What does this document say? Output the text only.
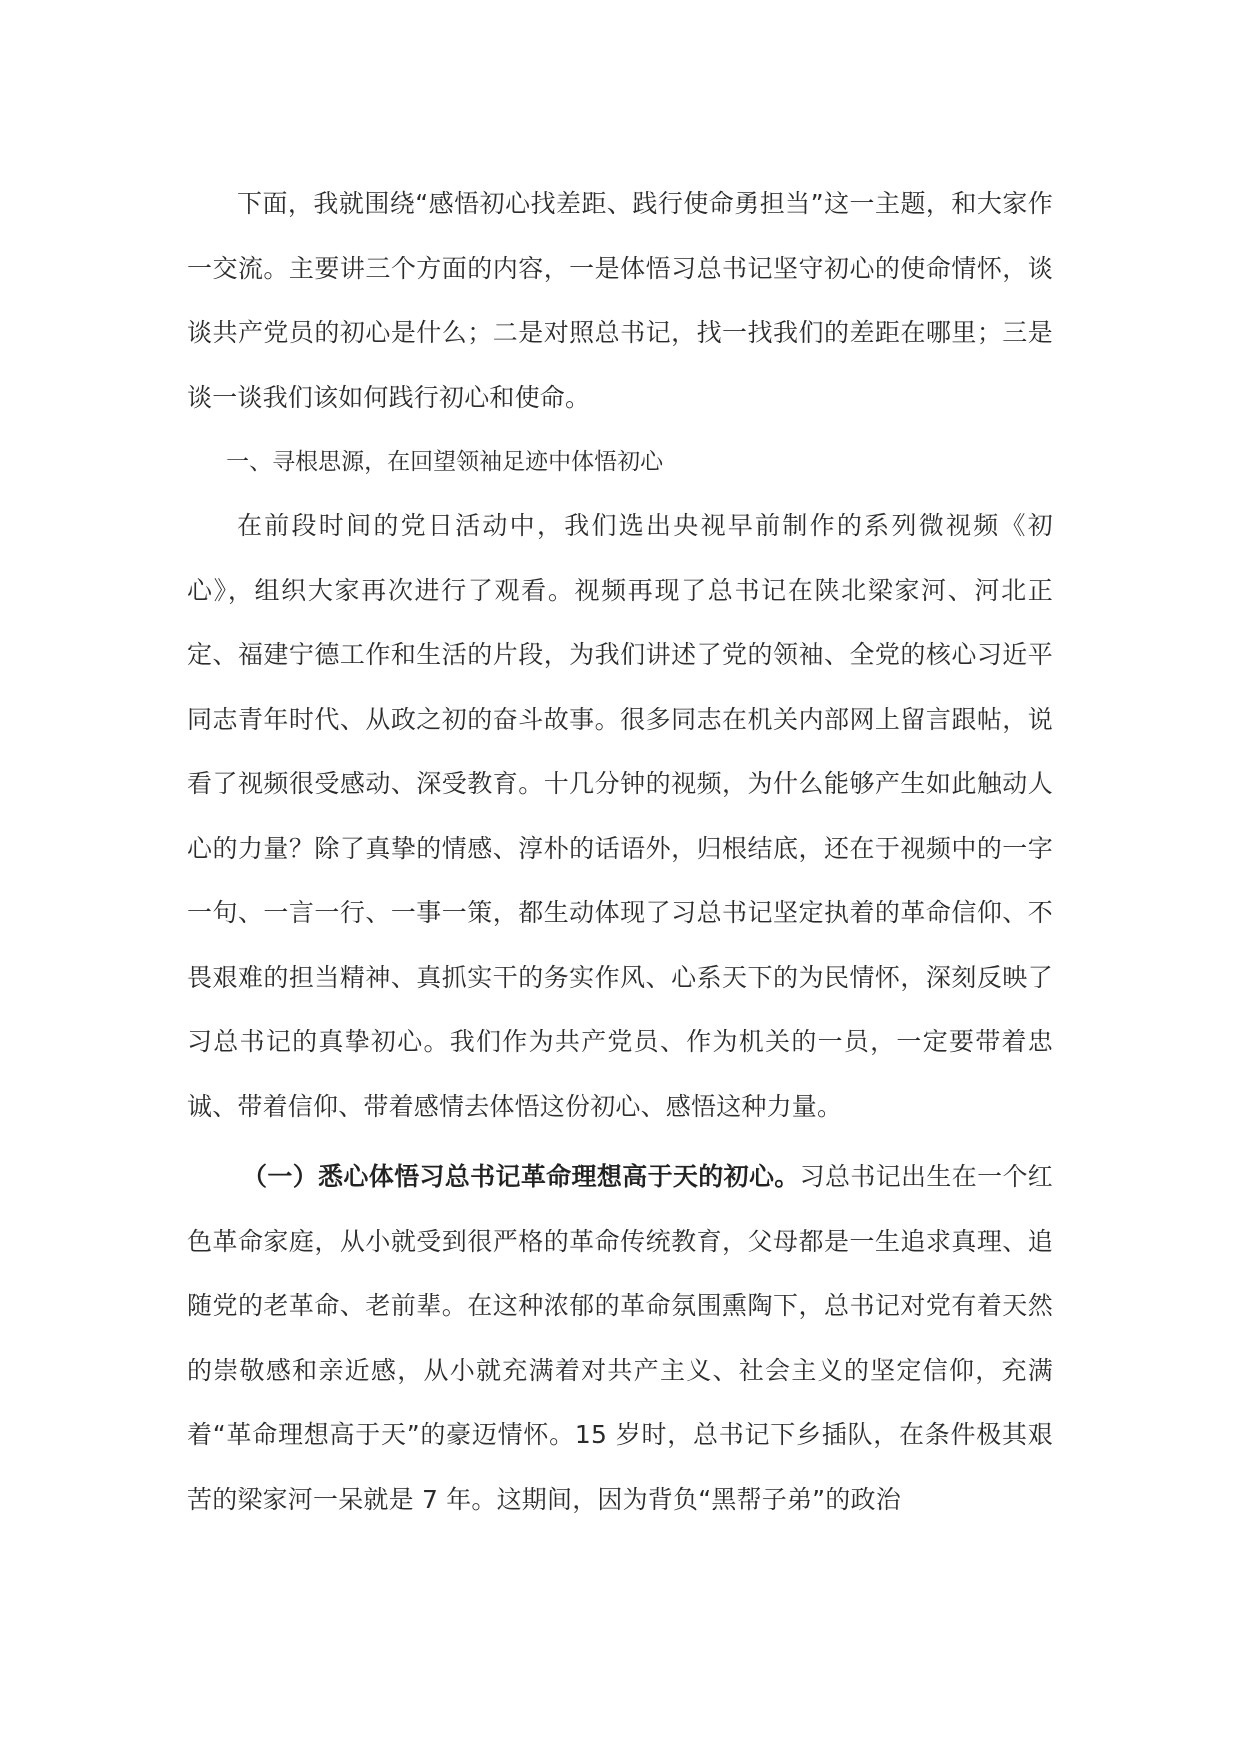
下面，我就围绕“感悟初心找差距、践行使命勇担当”这一主题，和大家作一交流。主要讲三个方面的内容，一是体悟习总书记坚守初心的使命情怀，谈谈共产党员的初心是什么；二是对照总书记，找一找我们的差距在哪里；三是谈一谈我们该如何践行初心和使命。

一、寻根思源，在回望领袖足迹中体悟初心

在前段时间的党日活动中，我们选出央视早前制作的系列微视频《初心》，组织大家再次进行了观看。视频再现了总书记在陕北梁家河、河北正定、福建宁德工作和生活的片段，为我们讲述了党的领袖、全党的核心习近平同志青年时代、从政之初的奋斗故事。很多同志在机关内部网上留言跟帖，说看了视频很受感动、深受教育。十几分钟的视频，为什么能够产生如此触动人心的力量？除了真挚的情感、淳朴的话语外，归根结底，还在于视频中的一字一句、一言一行、一事一策，都生动体现了习总书记坚定执着的革命信仰、不畏艰难的担当精神、真抓实干的务实作风、心系天下的为民情怀，深刻反映了习总书记的真挚初心。我们作为共产党员、作为机关的一员，一定要带着忠诚、带着信仰、带着感情去体悟这份初心、感悟这种力量。

（一）悉心体悟习总书记革命理想高于天的初心。习总书记出生在一个红色革命家庭，从小就受到很严格的革命传统教育，父母都是一生追求真理、追随党的老革命、老前辈。在这种浓郁的革命氛围熏陶下，总书记对党有着天然的崇敬感和亲近感，从小就充满着对共产主义、社会主义的坚定信仰，充满着“革命理想高于天”的豪迈情怀。15 岁时，总书记下乡插队，在条件极其艰苦的梁家河一呆就是 7 年。这期间，因为背负“黑帮子弟”的政治
